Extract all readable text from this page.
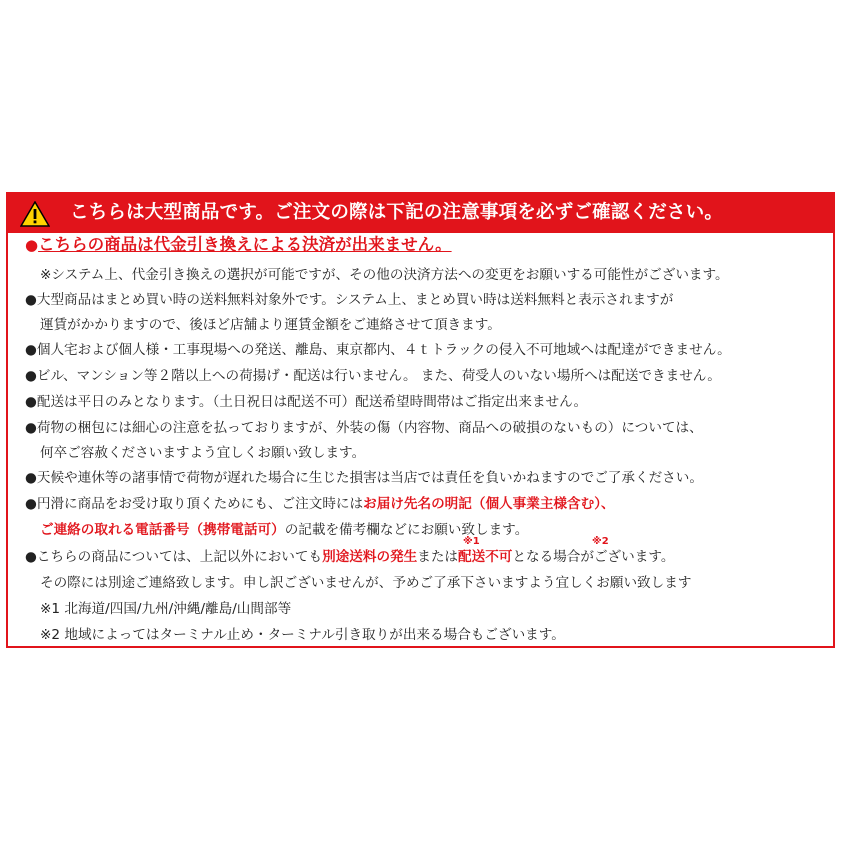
こちらは大型商品です。ご注文の際は下記の注意事項を必ずご確認ください。
●こちらの商品は代金引き換えによる決済が出来ません。
※システム上、代金引き換えの選択が可能ですが、その他の決済方法への変更をお願いする可能性がございます。
●大型商品はまとめ買い時の送料無料対象外です。システム上、まとめ買い時は送料無料と表示されますが
運賃がかかりますので、後ほど店舗より運賃金額をご連絡させて頂きます。
●個人宅および個人様・工事現場への発送、離島、東京都内、４ｔトラックの侵入不可地域へは配達ができません。
●ビル、マンション等２階以上への荷揚げ・配送は行いません。 また、荷受人のいない場所へは配送できません。
●配送は平日のみとなります。（土日祝日は配送不可）配送希望時間帯はご指定出来ません。
●荷物の梱包には細心の注意を払っておりますが、外装の傷（内容物、商品への破損のないもの）については、
何卒ご容赦くださいますよう宜しくお願い致します。
●天候や連休等の諸事情で荷物が遅れた場合に生じた損害は当店では責任を負いかねますのでご了承ください。
●円滑に商品をお受け取り頂くためにも、ご注文時にはお届け先名の明記（個人事業主様含む）、
ご連絡の取れる電話番号（携帯電話可）の記載を備考欄などにお願い致します。
※1	※2
●こちらの商品については、上記以外においても別途送料の発生または配送不可となる場合がございます。
その際には別途ご連絡致します。申し訳ございませんが、予めご了承下さいますよう宜しくお願い致します
※1 北海道/四国/九州/沖縄/離島/山間部等
※2 地域によってはターミナル止め・ターミナル引き取りが出来る場合もございます。
